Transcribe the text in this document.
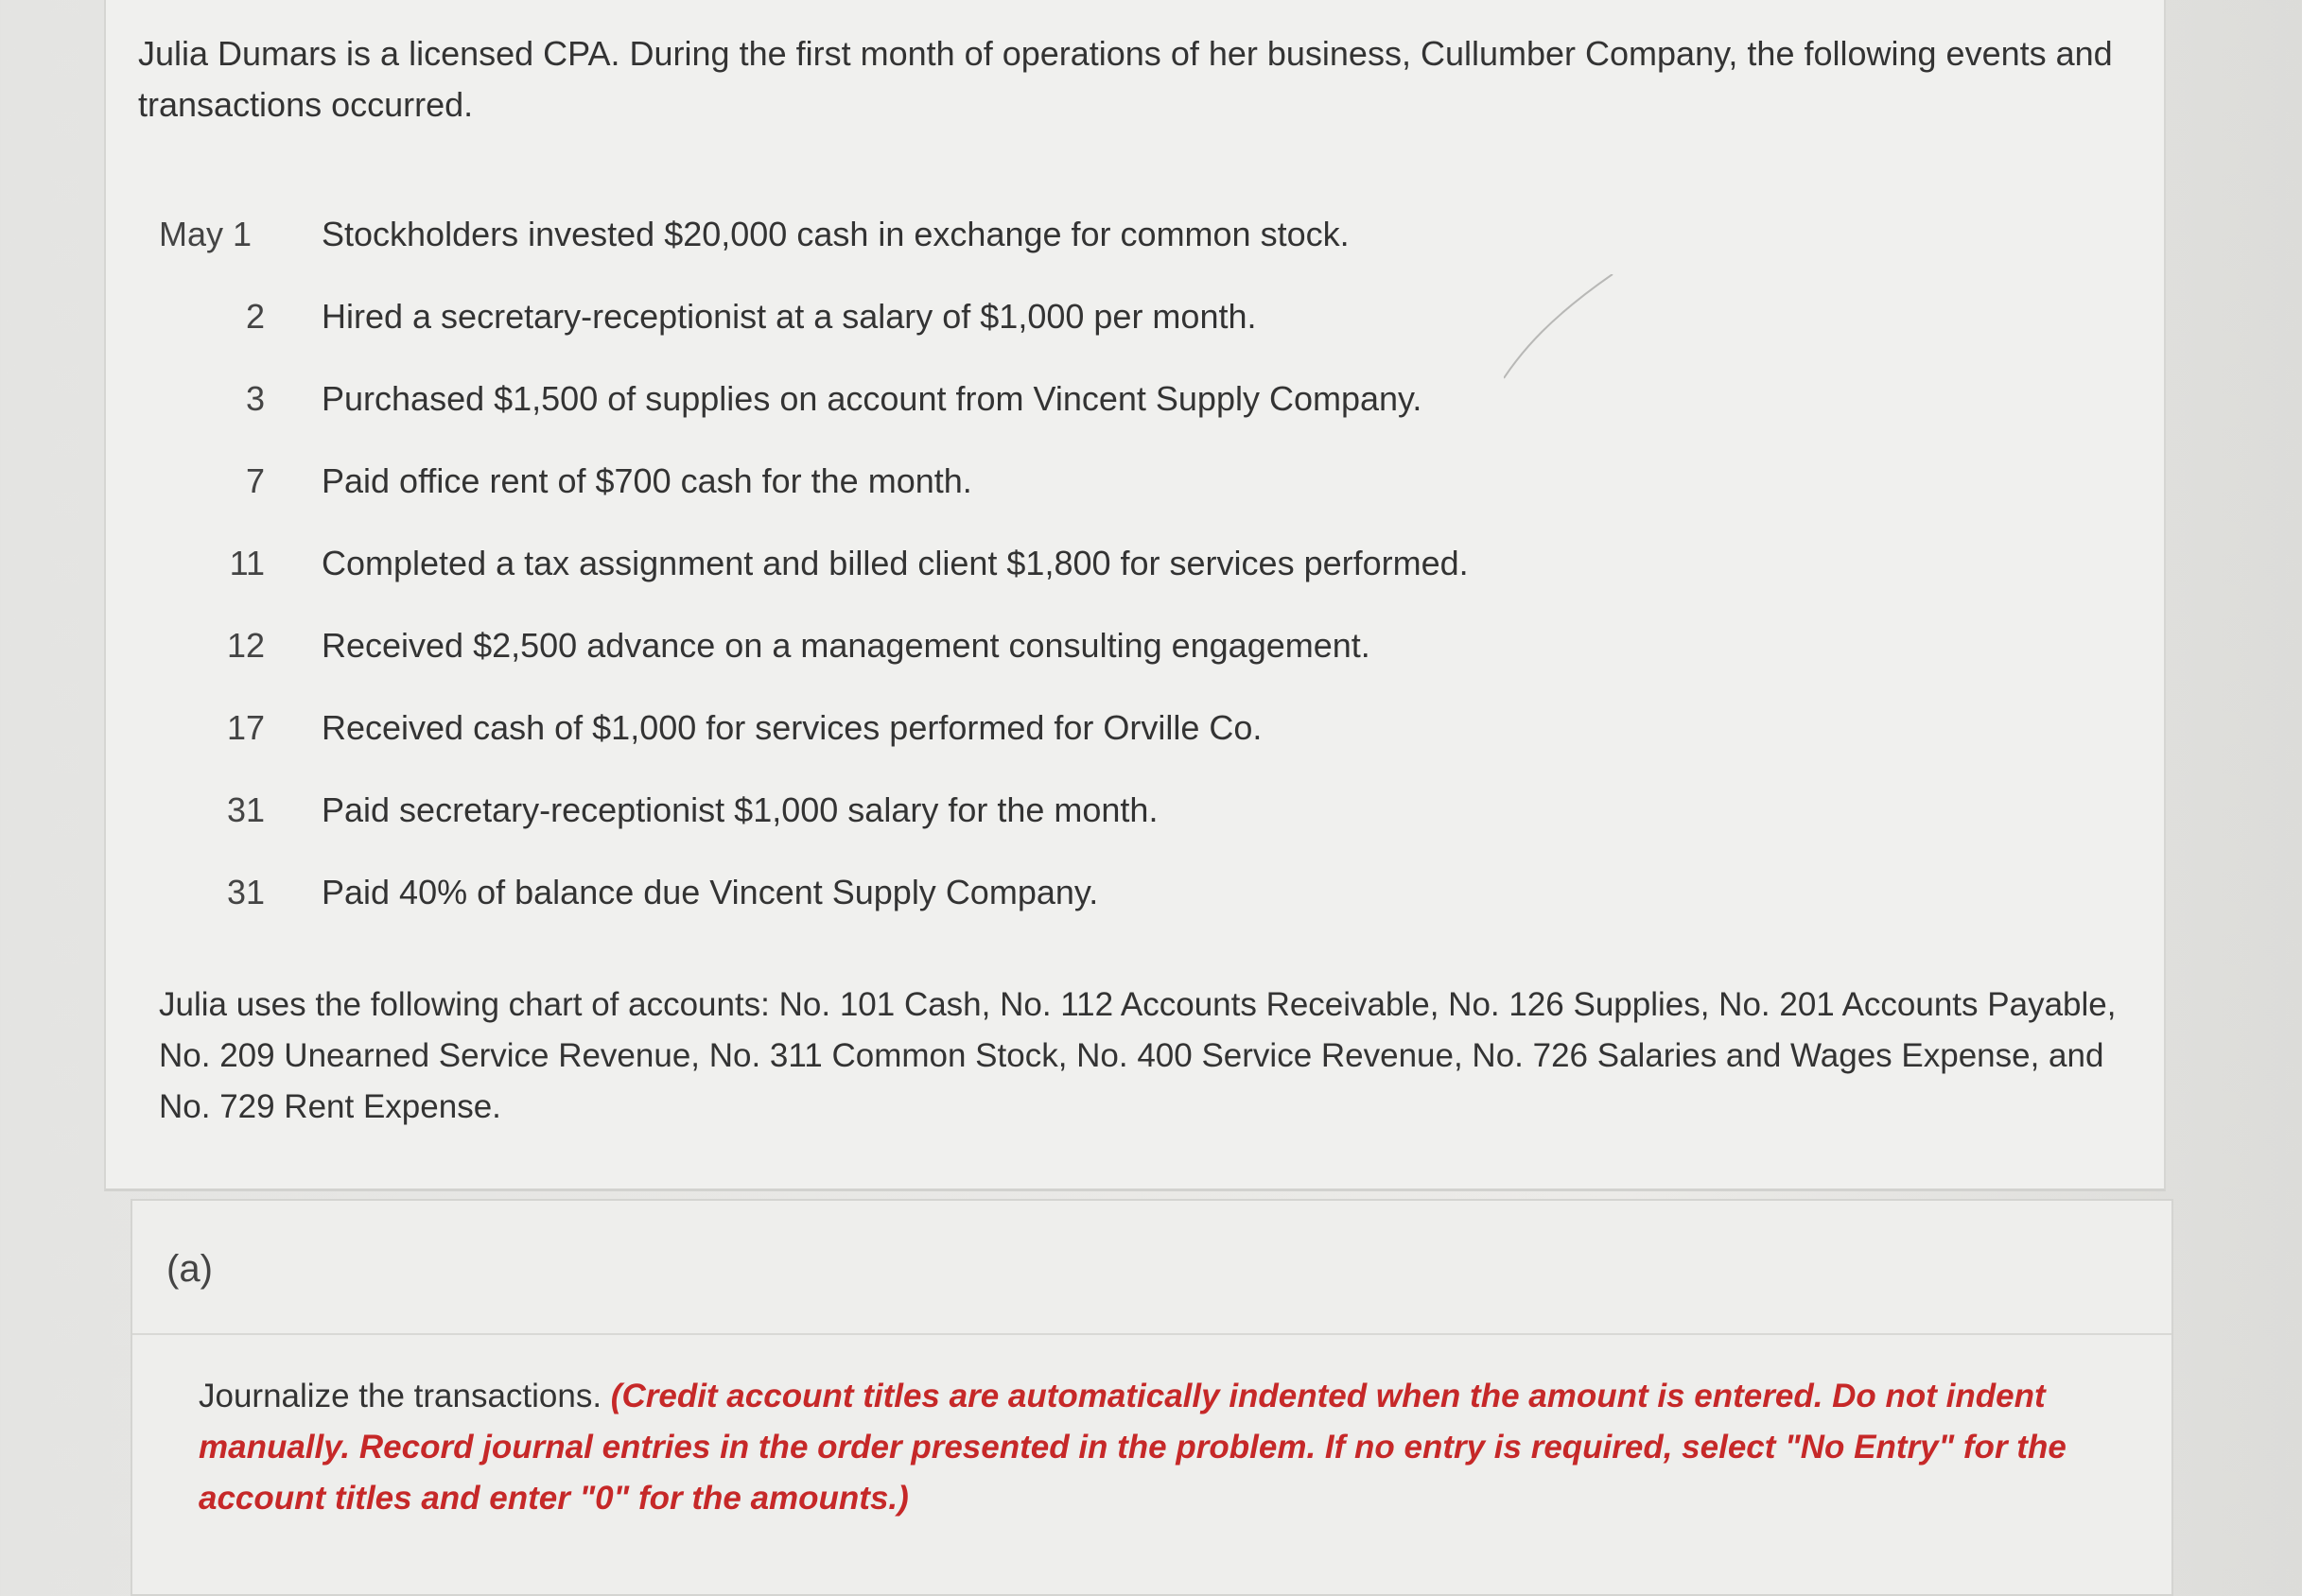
Julia Dumars is a licensed CPA. During the first month of operations of her business, Cullumber Company, the following events and transactions occurred.
May 1	Stockholders invested $20,000 cash in exchange for common stock.
2	Hired a secretary-receptionist at a salary of $1,000 per month.
3	Purchased $1,500 of supplies on account from Vincent Supply Company.
7	Paid office rent of $700 cash for the month.
11	Completed a tax assignment and billed client $1,800 for services performed.
12	Received $2,500 advance on a management consulting engagement.
17	Received cash of $1,000 for services performed for Orville Co.
31	Paid secretary-receptionist $1,000 salary for the month.
31	Paid 40% of balance due Vincent Supply Company.
Julia uses the following chart of accounts: No. 101 Cash, No. 112 Accounts Receivable, No. 126 Supplies, No. 201 Accounts Payable, No. 209 Unearned Service Revenue, No. 311 Common Stock, No. 400 Service Revenue, No. 726 Salaries and Wages Expense, and No. 729 Rent Expense.
(a)
Journalize the transactions. (Credit account titles are automatically indented when the amount is entered. Do not indent manually. Record journal entries in the order presented in the problem. If no entry is required, select "No Entry" for the account titles and enter "0" for the amounts.)
